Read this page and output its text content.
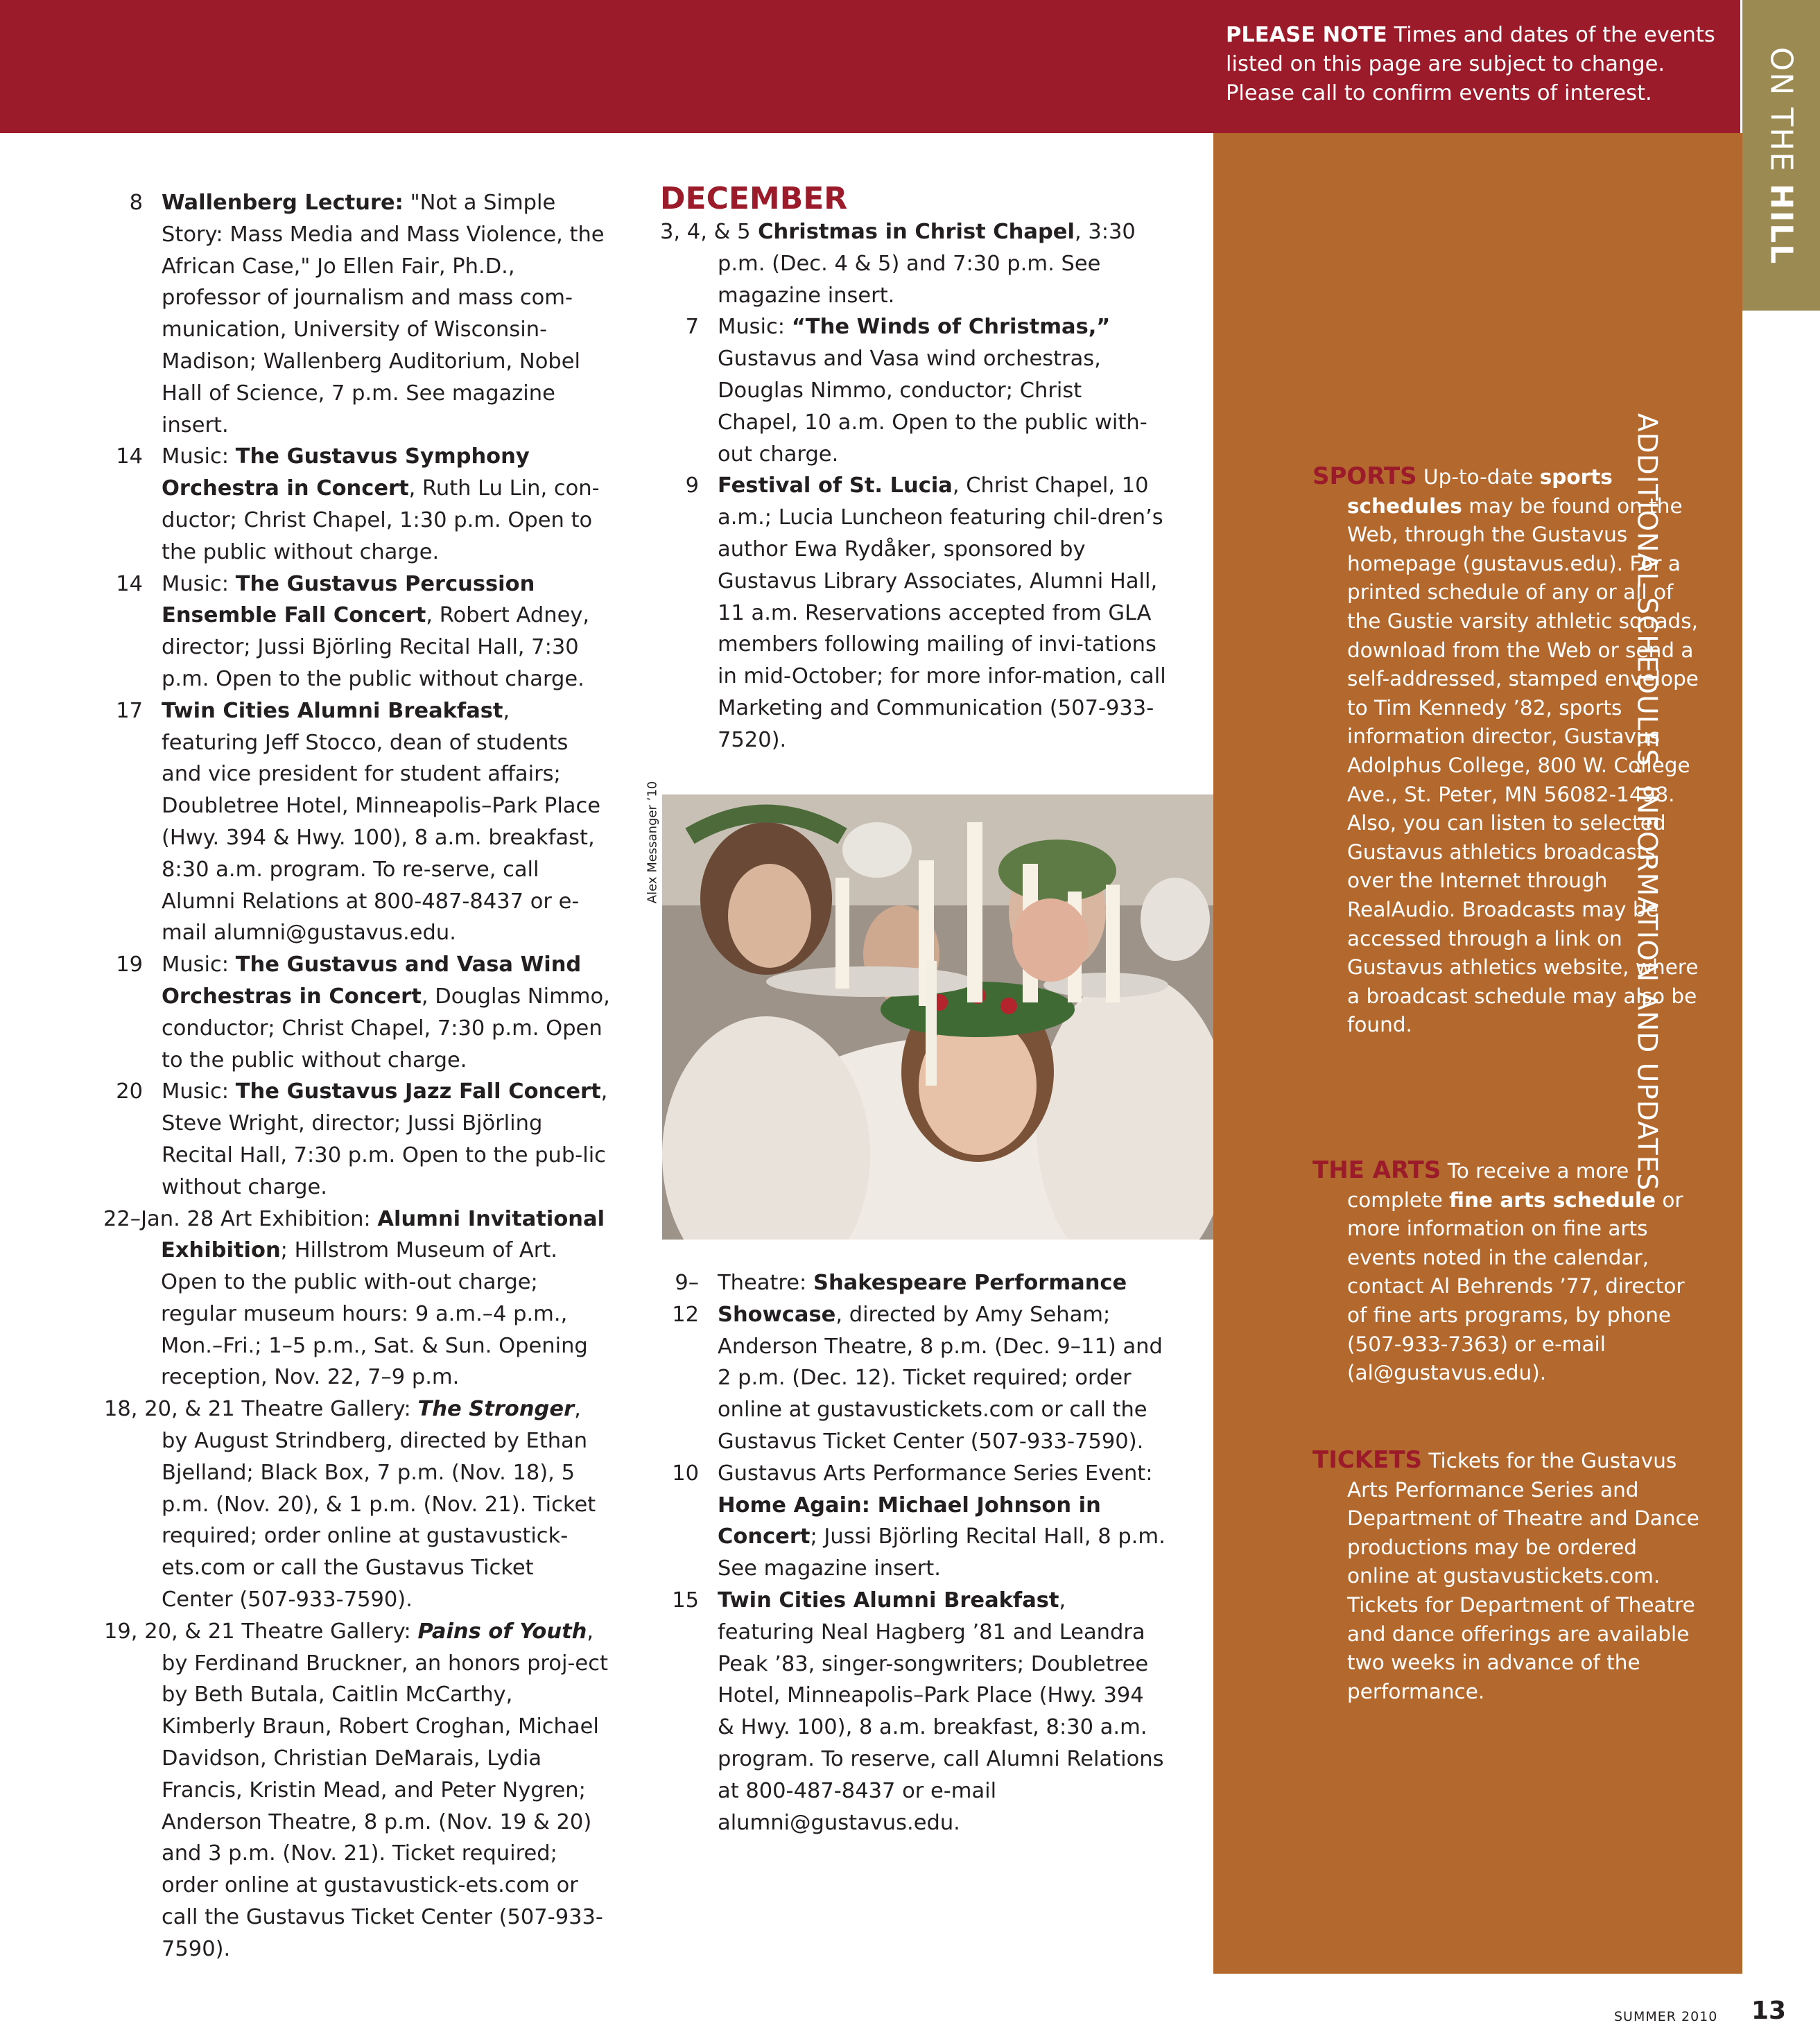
PLEASE NOTE Times and dates of the events listed on this page are subject to change. Please call to confirm events of interest.	ON THE HILL
ADDITIONAL SCHEDULES, INFORMATION AND UPDATES
SPORTS Up-to-date sports schedules may be found on the Web, through the Gustavus homepage (gustavus.edu). For a printed schedule of any or all of the Gustie varsity athletic squads, download from the Web or send a self-addressed, stamped envelope to Tim Kennedy ’82, sports information director, Gustavus Adolphus College, 800 W. College Ave., St. Peter, MN 56082-1498. Also, you can listen to selected Gustavus athletics broadcasts over the Internet through RealAudio. Broadcasts may be accessed through a link on Gustavus athletics website, where a broadcast schedule may also be found.
THE ARTS To receive a more complete fine arts schedule or more information on fine arts events noted in the calendar, contact Al Behrends ’77, director of fine arts programs, by phone (507-933-7363) or e-mail (al@gustavus.edu).
TICKETS Tickets for the Gustavus Arts Performance Series and Department of Theatre and Dance productions may be ordered online at gustavustickets.com. Tickets for Department of Theatre and dance offerings are available two weeks in advance of the performance.
8 Wallenberg Lecture: "Not a Simple Story: Mass Media and Mass Violence, the African Case," Jo Ellen Fair, Ph.D., professor of journalism and mass com-munication, University of Wisconsin-Madison; Wallenberg Auditorium, Nobel Hall of Science, 7 p.m. See magazine insert.
14 Music: The Gustavus Symphony Orchestra in Concert, Ruth Lu Lin, con-ductor; Christ Chapel, 1:30 p.m. Open to the public without charge.
14 Music: The Gustavus Percussion Ensemble Fall Concert, Robert Adney, director; Jussi Björling Recital Hall, 7:30 p.m. Open to the public without charge.
17 Twin Cities Alumni Breakfast, featuring Jeff Stocco, dean of students and vice president for student affairs; Doubletree Hotel, Minneapolis–Park Place (Hwy. 394 & Hwy. 100), 8 a.m. breakfast, 8:30 a.m. program. To re-serve, call Alumni Relations at 800-487-8437 or e-mail alumni@gustavus.edu.
19 Music: The Gustavus and Vasa Wind Orchestras in Concert, Douglas Nimmo, conductor; Christ Chapel, 7:30 p.m. Open to the public without charge.
20 Music: The Gustavus Jazz Fall Concert, Steve Wright, director; Jussi Björling Recital Hall, 7:30 p.m. Open to the pub-lic without charge.
22–Jan. 28 Art Exhibition: Alumni Invitational Exhibition; Hillstrom Museum of Art. Open to the public with-out charge; regular museum hours: 9 a.m.–4 p.m., Mon.–Fri.; 1–5 p.m., Sat. & Sun. Opening reception, Nov. 22, 7–9 p.m.
18, 20, & 21 Theatre Gallery: The Stronger, by August Strindberg, directed by Ethan Bjelland; Black Box, 7 p.m. (Nov. 18), 5 p.m. (Nov. 20), & 1 p.m. (Nov. 21). Ticket required; order online at gustavustick-ets.com or call the Gustavus Ticket Center (507-933-7590).
19, 20, & 21 Theatre Gallery: Pains of Youth, by Ferdinand Bruckner, an honors proj-ect by Beth Butala, Caitlin McCarthy, Kimberly Braun, Robert Croghan, Michael Davidson, Christian DeMarais, Lydia Francis, Kristin Mead, and Peter Nygren; Anderson Theatre, 8 p.m. (Nov. 19 & 20) and 3 p.m. (Nov. 21). Ticket required; order online at gustavustick-ets.com or call the Gustavus Ticket Center (507-933-7590).
DECEMBER
3, 4, & 5 Christmas in Christ Chapel, 3:30 p.m. (Dec. 4 & 5) and 7:30 p.m. See magazine insert.
7 Music: “The Winds of Christmas,” Gustavus and Vasa wind orchestras, Douglas Nimmo, conductor; Christ Chapel, 10 a.m. Open to the public with-out charge.
9 Festival of St. Lucia, Christ Chapel, 10 a.m.; Lucia Luncheon featuring chil-dren’s author Ewa Rydåker, sponsored by Gustavus Library Associates, Alumni Hall, 11 a.m. Reservations accepted from GLA members following mailing of invi-tations in mid-October; for more infor-mation, call Marketing and Communication (507-933-7520).
Alex Messanger ’10
9–12
Theatre: Shakespeare Performance Showcase, directed by Amy Seham; Anderson Theatre, 8 p.m. (Dec. 9–11) and 2 p.m. (Dec. 12). Ticket required; order online at gustavustickets.com or call the Gustavus Ticket Center (507-933-7590).
10 Gustavus Arts Performance Series Event: Home Again: Michael Johnson in Concert; Jussi Björling Recital Hall, 8 p.m. See magazine insert.
15 Twin Cities Alumni Breakfast, featuring Neal Hagberg ’81 and Leandra Peak ’83, singer-songwriters; Doubletree Hotel, Minneapolis–Park Place (Hwy. 394 & Hwy. 100), 8 a.m. breakfast, 8:30 a.m. program. To reserve, call Alumni Relations at 800-487-8437 or e-mail alumni@gustavus.edu.
SUMMER 2010 13
